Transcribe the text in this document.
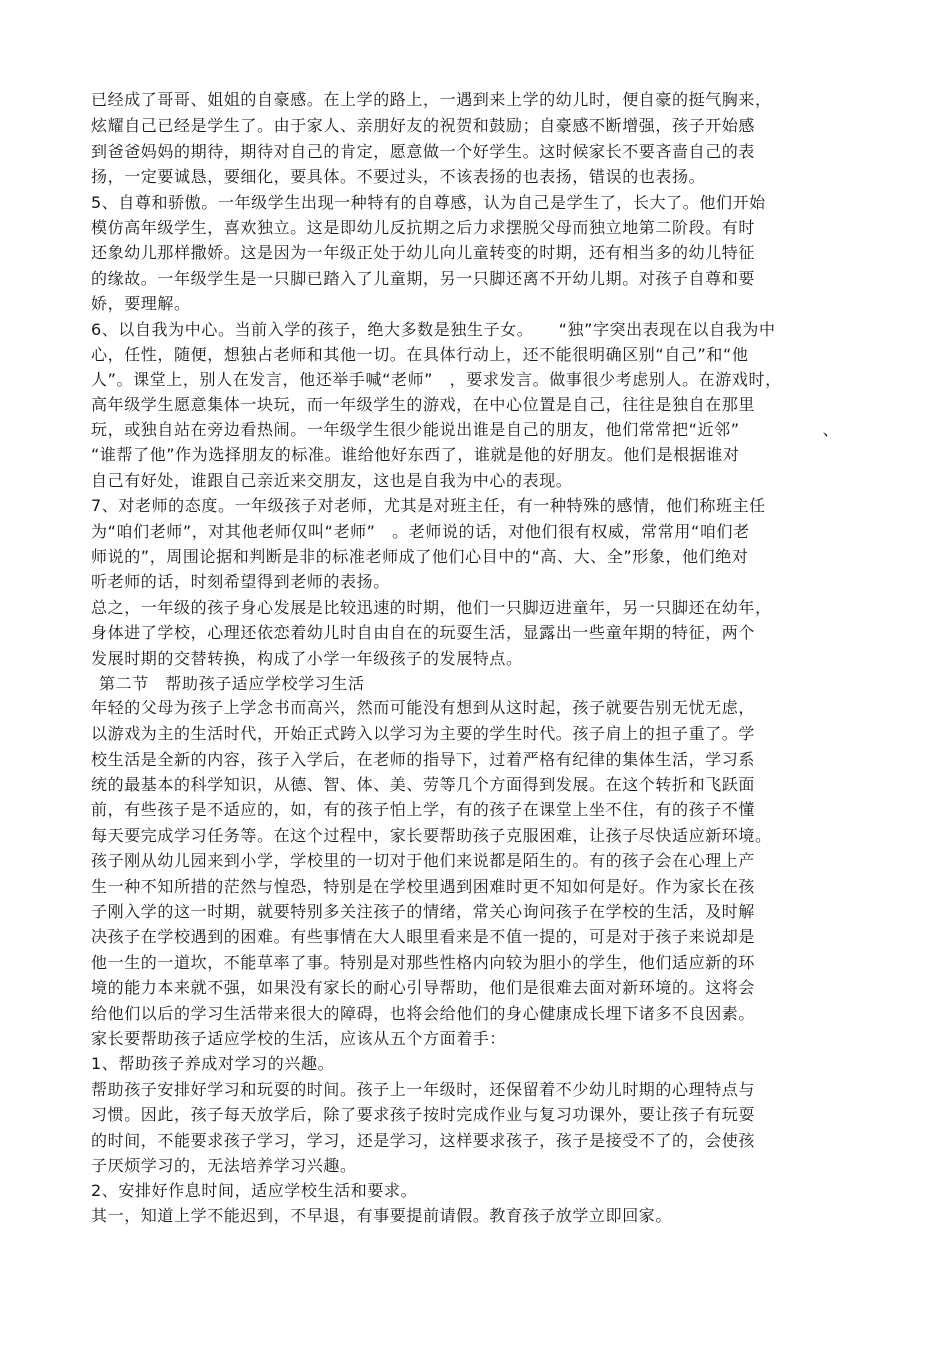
已经成了哥哥、姐姐的自豪感。在上学的路上，一遇到来上学的幼儿时，便自豪的挺气胸来，
炫耀自己已经是学生了。由于家人、亲朋好友的祝贺和鼓励；自豪感不断增强，孩子开始感
到爸爸妈妈的期待，期待对自己的肯定，愿意做一个好学生。这时候家长不要吝啬自己的表
扬，一定要诚恳，要细化，要具体。不要过头，不该表扬的也表扬，错误的也表扬。
5、自尊和骄傲。一年级学生出现一种特有的自尊感，认为自己是学生了，长大了。他们开始
模仿高年级学生，喜欢独立。这是即幼儿反抗期之后力求摆脱父母而独立地第二阶段。有时
还象幼儿那样撒娇。这是因为一年级正处于幼儿向儿童转变的时期，还有相当多的幼儿特征
的缘故。一年级学生是一只脚已踏入了儿童期，另一只脚还离不开幼儿期。对孩子自尊和要
娇，要理解。
6、以自我为中心。当前入学的孩子，绝大多数是独生子女。　　“独”字突出表现在以自我为中
心，任性，随便，想独占老师和其他一切。在具体行动上，还不能很明确区别“自己”和“他
人”。课堂上，别人在发言，他还举手喊“老师”　，要求发言。做事很少考虑别人。在游戏时，
高年级学生愿意集体一块玩，而一年级学生的游戏，在中心位置是自己，往往是独自在那里
玩，或独自站在旁边看热闹。一年级学生很少能说出谁是自己的朋友，他们常常把“近邻”　　　　　、
“谁帮了他”作为选择朋友的标准。谁给他好东西了，谁就是他的好朋友。他们是根据谁对
自己有好处，谁跟自己亲近来交朋友，这也是自我为中心的表现。
7、对老师的态度。一年级孩子对老师，尤其是对班主任，有一种特殊的感情，他们称班主任
为“咱们老师”，对其他老师仅叫“老师”　。老师说的话，对他们很有权威，常常用“咱们老
师说的”，周围论据和判断是非的标准老师成了他们心目中的“高、大、全”形象，他们绝对
听老师的话，时刻希望得到老师的表扬。
总之，一年级的孩子身心发展是比较迅速的时期，他们一只脚迈进童年，另一只脚还在幼年，
身体进了学校，心理还依恋着幼儿时自由自在的玩耍生活，显露出一些童年期的特征，两个
发展时期的交替转换，构成了小学一年级孩子的发展特点。
第二节　帮助孩子适应学校学习生活
年轻的父母为孩子上学念书而高兴，然而可能没有想到从这时起，孩子就要告别无忧无虑，
以游戏为主的生活时代，开始正式跨入以学习为主要的学生时代。孩子肩上的担子重了。学
校生活是全新的内容，孩子入学后，在老师的指导下，过着严格有纪律的集体生活，学习系
统的最基本的科学知识，从德、智、体、美、劳等几个方面得到发展。在这个转折和飞跃面
前，有些孩子是不适应的，如，有的孩子怕上学，有的孩子在课堂上坐不住，有的孩子不懂
每天要完成学习任务等。在这个过程中，家长要帮助孩子克服困难，让孩子尽快适应新环境。
孩子刚从幼儿园来到小学，学校里的一切对于他们来说都是陌生的。有的孩子会在心理上产
生一种不知所措的茫然与惶恐，特别是在学校里遇到困难时更不知如何是好。作为家长在孩
子刚入学的这一时期，就要特别多关注孩子的情绪，常关心询问孩子在学校的生活，及时解
决孩子在学校遇到的困难。有些事情在大人眼里看来是不值一提的，可是对于孩子来说却是
他一生的一道坎，不能草率了事。特别是对那些性格内向较为胆小的学生，他们适应新的环
境的能力本来就不强，如果没有家长的耐心引导帮助，他们是很难去面对新环境的。这将会
给他们以后的学习生活带来很大的障碍，也将会给他们的身心健康成长埋下诸多不良因素。
家长要帮助孩子适应学校的生活，应该从五个方面着手：
1、帮助孩子养成对学习的兴趣。
帮助孩子安排好学习和玩耍的时间。孩子上一年级时，还保留着不少幼儿时期的心理特点与
习惯。因此，孩子每天放学后，除了要求孩子按时完成作业与复习功课外，要让孩子有玩耍
的时间，不能要求孩子学习，学习，还是学习，这样要求孩子，孩子是接受不了的，会使孩
子厌烦学习的，无法培养学习兴趣。
2、安排好作息时间，适应学校生活和要求。
其一，知道上学不能迟到，不早退，有事要提前请假。教育孩子放学立即回家。
